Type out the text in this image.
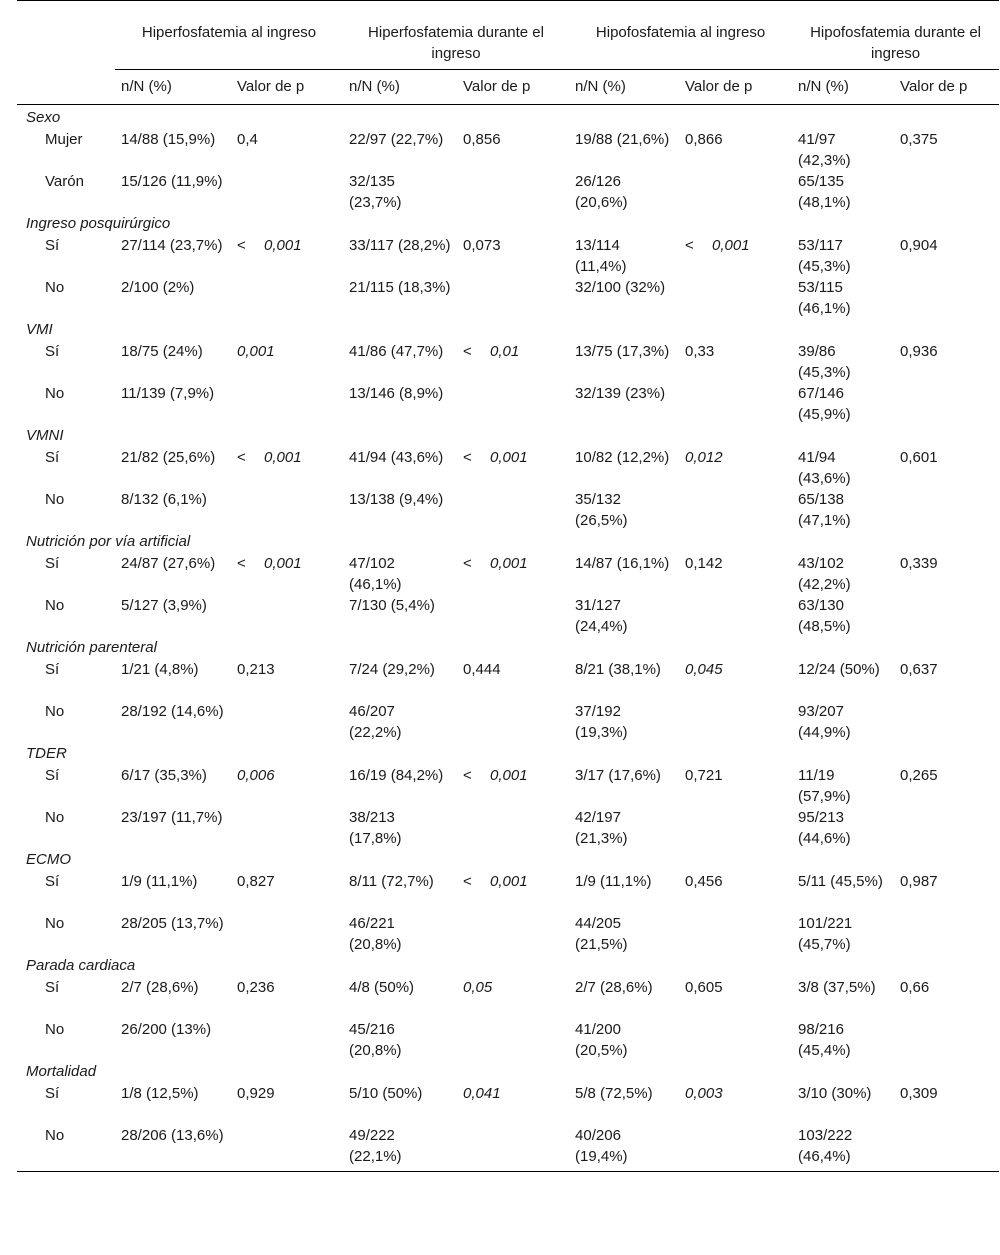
	Hiperfosfatemia al ingreso		Hiperfosfatemia durante el ingreso		Hipofosfatemia al ingreso		Hipofosfatemia durante el ingreso	
	n/N (%)	Valor de p	n/N (%)	Valor de p	n/N (%)	Valor de p	n/N (%)	Valor de p
Sexo								
Mujer	14/88 (15,9%)	0,4	22/97 (22,7%)	0,856	19/88 (21,6%)	0,866	41/97 (42,3%)	0,375
Varón	15/126 (11,9%)		32/135 (23,7%)		26/126 (20,6%)		65/135 (48,1%)	
Ingreso posquirúrgico								
Sí	27/114 (23,7%)	< 0,001	33/117 (28,2%)	0,073	13/114 (11,4%)	< 0,001	53/117 (45,3%)	0,904
No	2/100 (2%)		21/115 (18,3%)		32/100 (32%)		53/115 (46,1%)	
VMI								
Sí	18/75 (24%)	0,001	41/86 (47,7%)	< 0,01	13/75 (17,3%)	0,33	39/86 (45,3%)	0,936
No	11/139 (7,9%)		13/146 (8,9%)		32/139 (23%)		67/146 (45,9%)	
VMNI								
Sí	21/82 (25,6%)	< 0,001	41/94 (43,6%)	< 0,001	10/82 (12,2%)	0,012	41/94 (43,6%)	0,601
No	8/132 (6,1%)		13/138 (9,4%)		35/132 (26,5%)		65/138 (47,1%)	
Nutrición por vía artificial								
Sí	24/87 (27,6%)	< 0,001	47/102 (46,1%)	< 0,001	14/87 (16,1%)	0,142	43/102 (42,2%)	0,339
No	5/127 (3,9%)		7/130 (5,4%)		31/127 (24,4%)		63/130 (48,5%)	
Nutrición parenteral								
Sí	1/21 (4,8%)	0,213	7/24 (29,2%)	0,444	8/21 (38,1%)	0,045	12/24 (50%)	0,637
No	28/192 (14,6%)		46/207 (22,2%)		37/192 (19,3%)		93/207 (44,9%)	
TDER								
Sí	6/17 (35,3%)	0,006	16/19 (84,2%)	< 0,001	3/17 (17,6%)	0,721	11/19 (57,9%)	0,265
No	23/197 (11,7%)		38/213 (17,8%)		42/197 (21,3%)		95/213 (44,6%)	
ECMO								
Sí	1/9 (11,1%)	0,827	8/11 (72,7%)	< 0,001	1/9 (11,1%)	0,456	5/11 (45,5%)	0,987
No	28/205 (13,7%)		46/221 (20,8%)		44/205 (21,5%)		101/221 (45,7%)	
Parada cardiaca								
Sí	2/7 (28,6%)	0,236	4/8 (50%)	0,05	2/7 (28,6%)	0,605	3/8 (37,5%)	0,66
No	26/200 (13%)		45/216 (20,8%)		41/200 (20,5%)		98/216 (45,4%)	
Mortalidad								
Sí	1/8 (12,5%)	0,929	5/10 (50%)	0,041	5/8 (72,5%)	0,003	3/10 (30%)	0,309
No	28/206 (13,6%)		49/222 (22,1%)		40/206 (19,4%)		103/222 (46,4%)	
